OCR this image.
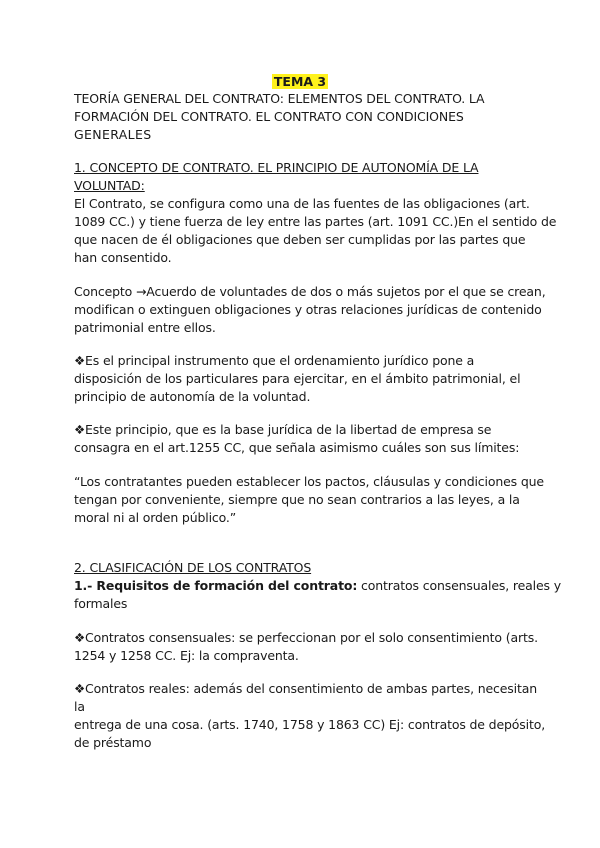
TEMA 3
TEORÍA GENERAL DEL CONTRATO: ELEMENTOS DEL CONTRATO. LA
FORMACIÓN DEL CONTRATO. EL CONTRATO CON CONDICIONES
GENERALES
1. CONCEPTO DE CONTRATO. EL PRINCIPIO DE AUTONOMÍA DE LA
VOLUNTAD:
El Contrato, se configura como una de las fuentes de las obligaciones (art.
1089 CC.) y tiene fuerza de ley entre las partes (art. 1091 CC.)En el sentido de
que nacen de él obligaciones que deben ser cumplidas por las partes que
han consentido.
Concepto →Acuerdo de voluntades de dos o más sujetos por el que se crean,
modifican o extinguen obligaciones y otras relaciones jurídicas de contenido
patrimonial entre ellos.
❖Es el principal instrumento que el ordenamiento jurídico pone a
disposición de los particulares para ejercitar, en el ámbito patrimonial, el
principio de autonomía de la voluntad.
❖Este principio, que es la base jurídica de la libertad de empresa se
consagra en el art.1255 CC, que señala asimismo cuáles son sus límites:
“Los contratantes pueden establecer los pactos, cláusulas y condiciones que
tengan por conveniente, siempre que no sean contrarios a las leyes, a la
moral ni al orden público.”
2. CLASIFICACIÓN DE LOS CONTRATOS
1.- Requisitos de formación del contrato: contratos consensuales, reales y
formales
❖Contratos consensuales: se perfeccionan por el solo consentimiento (arts.
1254 y 1258 CC. Ej: la compraventa.
❖Contratos reales: además del consentimiento de ambas partes, necesitan
la
entrega de una cosa. (arts. 1740, 1758 y 1863 CC) Ej: contratos de depósito,
de préstamo
